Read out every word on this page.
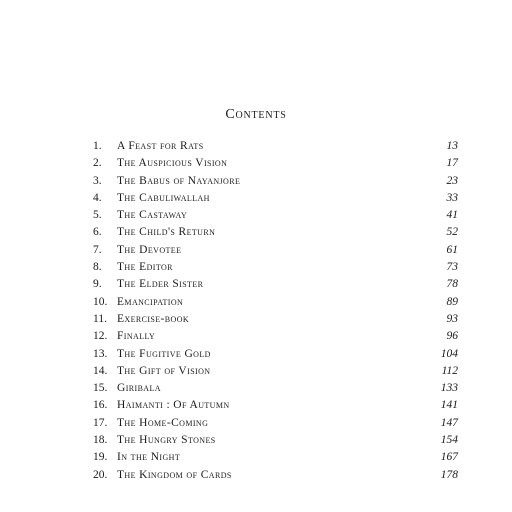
Contents
1. A Feast for Rats	13
2. The Auspicious Vision	17
3. The Babus of Nayanjore	23
4. The Cabuliwallah	33
5. The Castaway	41
6. The Child's Return	52
7. The Devotee	61
8. The Editor	73
9. The Elder Sister	78
10. Emancipation	89
11. Exercise-book	93
12. Finally	96
13. The Fugitive Gold	104
14. The Gift of Vision	112
15. Giribala	133
16. Haimanti : Of Autumn	141
17. The Home-Coming	147
18. The Hungry Stones	154
19. In the Night	167
20. The Kingdom of Cards	178
